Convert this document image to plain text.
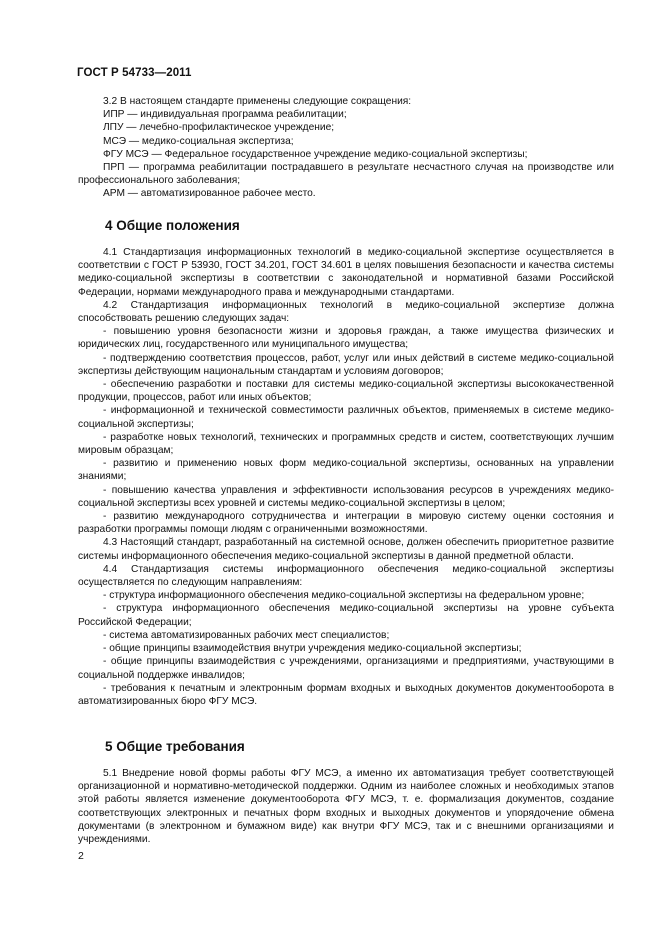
ГОСТ Р 54733—2011

3.2 В настоящем стандарте применены следующие сокращения:

ИПР — индивидуальная программа реабилитации;

ЛПУ — лечебно-профилактическое учреждение;

МСЭ — медико-социальная экспертиза;

ФГУ МСЭ — Федеральное государственное учреждение медико-социальной экспертизы;

ПРП — программа реабилитации пострадавшего в результате несчастного случая на производстве или профессионального заболевания;

АРМ — автоматизированное рабочее место.

4 Общие положения

4.1 Стандартизация информационных технологий в медико-социальной экспертизе осуществляется в соответствии с ГОСТ Р 53930, ГОСТ 34.201, ГОСТ 34.601 в целях повышения безопасности и качества системы медико-социальной экспертизы в соответствии с законодательной и нормативной базами Российской Федерации, нормами международного права и международными стандартами.

4.2 Стандартизация информационных технологий в медико-социальной экспертизе должна способствовать решению следующих задач:

- повышению уровня безопасности жизни и здоровья граждан, а также имущества физических и юридических лиц, государственного или муниципального имущества;

- подтверждению соответствия процессов, работ, услуг или иных действий в системе медико-социальной экспертизы действующим национальным стандартам и условиям договоров;

- обеспечению разработки и поставки для системы медико-социальной экспертизы высококачественной продукции, процессов, работ или иных объектов;

- информационной и технической совместимости различных объектов, применяемых в системе медико-социальной экспертизы;

- разработке новых технологий, технических и программных средств и систем, соответствующих лучшим мировым образцам;

- развитию и применению новых форм медико-социальной экспертизы, основанных на управлении знаниями;

- повышению качества управления и эффективности использования ресурсов в учреждениях медико-социальной экспертизы всех уровней и системы медико-социальной экспертизы в целом;

- развитию международного сотрудничества и интеграции в мировую систему оценки состояния и разработки программы помощи людям с ограниченными возможностями.

4.3 Настоящий стандарт, разработанный на системной основе, должен обеспечить приоритетное развитие системы информационного обеспечения медико-социальной экспертизы в данной предметной области.

4.4 Стандартизация системы информационного обеспечения медико-социальной экспертизы осуществляется по следующим направлениям:

- структура информационного обеспечения медико-социальной экспертизы на федеральном уровне;

- структура информационного обеспечения медико-социальной экспертизы на уровне субъекта Российской Федерации;

- система автоматизированных рабочих мест специалистов;

- общие принципы взаимодействия внутри учреждения медико-социальной экспертизы;

- общие принципы взаимодействия с учреждениями, организациями и предприятиями, участвующими в социальной поддержке инвалидов;

- требования к печатным и электронным формам входных и выходных документов документооборота в автоматизированных бюро ФГУ МСЭ.

5 Общие требования

5.1 Внедрение новой формы работы ФГУ МСЭ, а именно их автоматизация требует соответствующей организационной и нормативно-методической поддержки. Одним из наиболее сложных и необходимых этапов этой работы является изменение документооборота ФГУ МСЭ, т. е. формализация документов, создание соответствующих электронных и печатных форм входных и выходных документов и упорядочение обмена документами (в электронном и бумажном виде) как внутри ФГУ МСЭ, так и с внешними организациями и учреждениями.

2
